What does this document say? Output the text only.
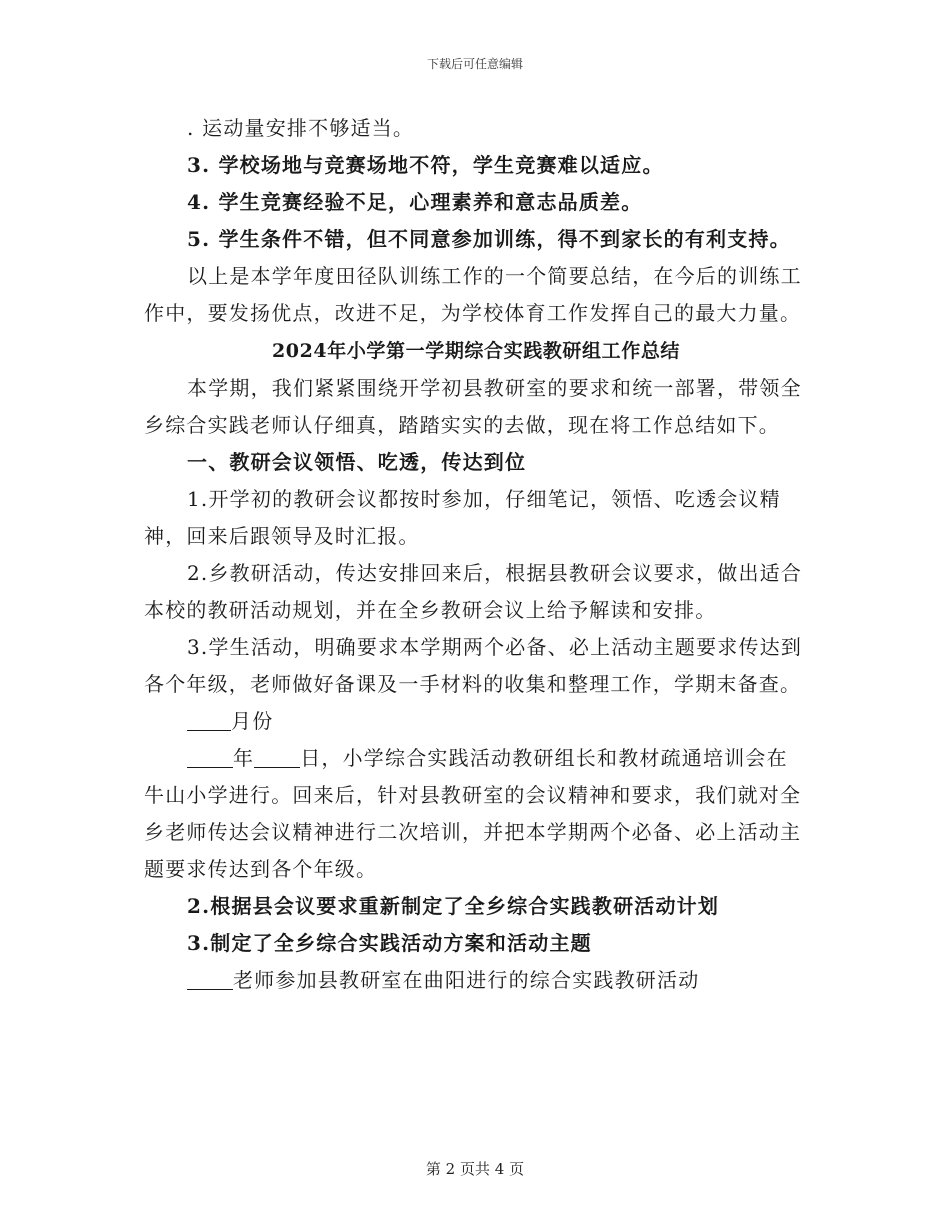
下载后可任意编辑
. 运动量安排不够适当。
3. 学校场地与竞赛场地不符，学生竞赛难以适应。
4. 学生竞赛经验不足，心理素养和意志品质差。
5. 学生条件不错，但不同意参加训练，得不到家长的有利支持。

以上是本学年度田径队训练工作的一个简要总结，在今后的训练工作中，要发扬优点，改进不足，为学校体育工作发挥自己的最大力量。

2024年小学第一学期综合实践教研组工作总结

本学期，我们紧紧围绕开学初县教研室的要求和统一部署，带领全乡综合实践老师认仔细真，踏踏实实的去做，现在将工作总结如下。

一、教研会议领悟、吃透，传达到位

1.开学初的教研会议都按时参加，仔细笔记，领悟、吃透会议精神，回来后跟领导及时汇报。

2.乡教研活动，传达安排回来后，根据县教研会议要求，做出适合本校的教研活动规划，并在全乡教研会议上给予解读和安排。

3.学生活动，明确要求本学期两个必备、必上活动主题要求传达到各个年级，老师做好备课及一手材料的收集和整理工作，学期末备查。

月份

年 日，小学综合实践活动教研组长和教材疏通培训会在牛山小学进行。回来后，针对县教研室的会议精神和要求，我们就对全乡老师传达会议精神进行二次培训，并把本学期两个必备、必上活动主题要求传达到各个年级。

2.根据县会议要求重新制定了全乡综合实践教研活动计划
3.制定了全乡综合实践活动方案和活动主题
老师参加县教研室在曲阳进行的综合实践教研活动
第 2 页共 4 页
